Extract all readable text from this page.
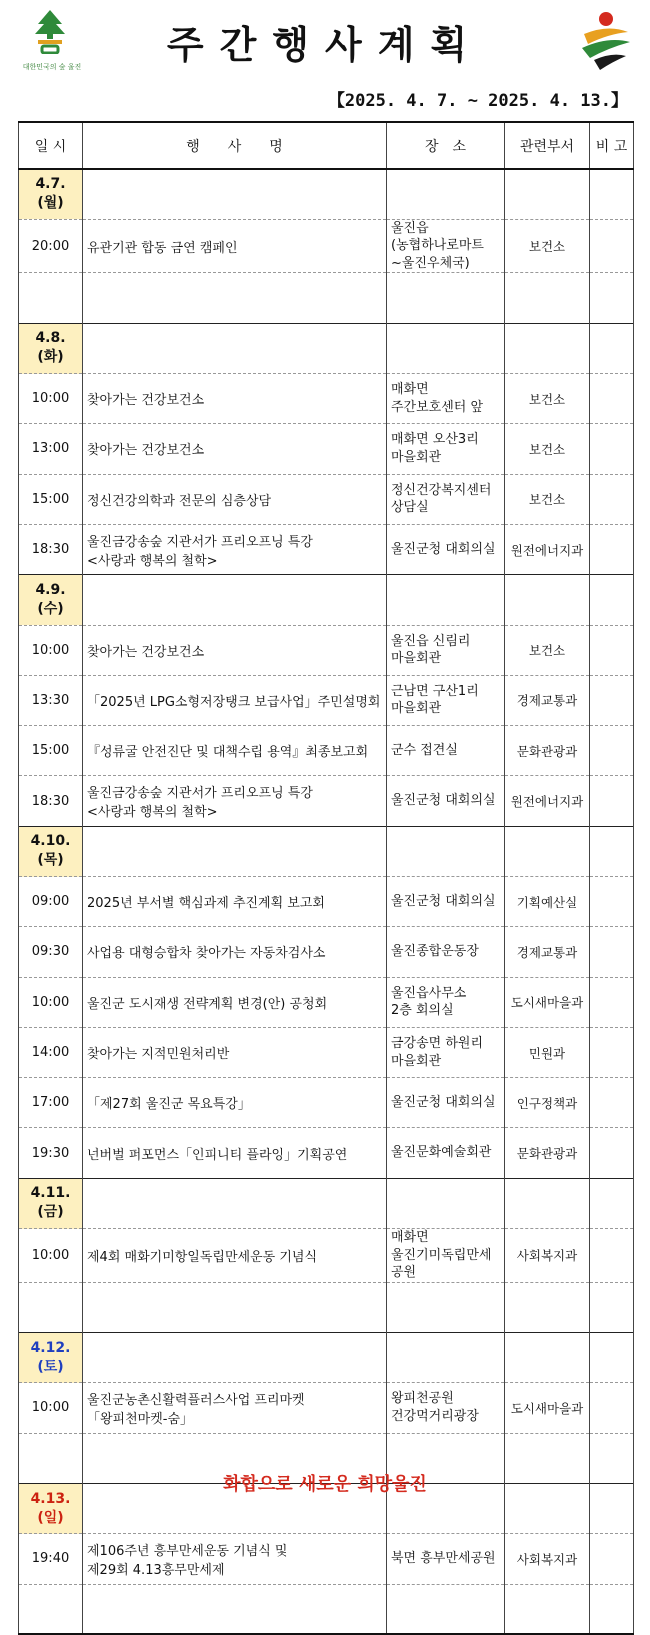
대한민국의 숲 울진	주간행사계획
【2025. 4. 7. ~ 2025. 4. 13.】
일 시	행　　사　　명	장　소	관련부서	비 고
4.7.(월)				
20:00	유관기관 합동 금연 캠페인	울진읍
(농협하나로마트
~울진우체국)	보건소	

4.8.(화)				
10:00	찾아가는 건강보건소	매화면
주간보호센터 앞	보건소	
13:00	찾아가는 건강보건소	매화면 오산3리
마을회관	보건소	
15:00	정신건강의학과 전문의 심층상담	정신건강복지센터
상담실	보건소	
18:30	울진금강송숲 지관서가 프리오프닝 특강
<사랑과 행복의 철학>	울진군청 대회의실	원전에너지과	
4.9.(수)				
10:00	찾아가는 건강보건소	울진읍 신림리
마을회관	보건소	
13:30	「2025년 LPG소형저장탱크 보급사업」주민설명회	근남면 구산1리
마을회관	경제교통과	
15:00	『성류굴 안전진단 및 대책수립 용역』최종보고회	군수 접견실	문화관광과	
18:30	울진금강송숲 지관서가 프리오프닝 특강
<사랑과 행복의 철학>	울진군청 대회의실	원전에너지과	
4.10.(목)				
09:00	2025년 부서별 핵심과제 추진계획 보고회	울진군청 대회의실	기획예산실	
09:30	사업용 대형승합차 찾아가는 자동차검사소	울진종합운동장	경제교통과	
10:00	울진군 도시재생 전략계획 변경(안) 공청회	울진읍사무소
2층 회의실	도시새마을과	
14:00	찾아가는 지적민원처리반	금강송면 하원리
마을회관	민원과	
17:00	「제27회 울진군 목요특강」	울진군청 대회의실	인구정책과	
19:30	넌버벌 퍼포먼스「인피니티 플라잉」기획공연	울진문화예술회관	문화관광과	
4.11.(금)				
10:00	제4회 매화기미항일독립만세운동 기념식	매화면
울진기미독립만세공원	사회복지과	

4.12.(토)				
10:00	울진군농촌신활력플러스사업 프리마켓
「왕피천마켓-숨」	왕피천공원
건강먹거리광장	도시새마을과	

4.13.(일)				
19:40	제106주년 흥부만세운동 기념식 및
제29회 4.13흥무만세제	북면 흥부만세공원	사회복지과	

화합으로 새로운 희망울진
